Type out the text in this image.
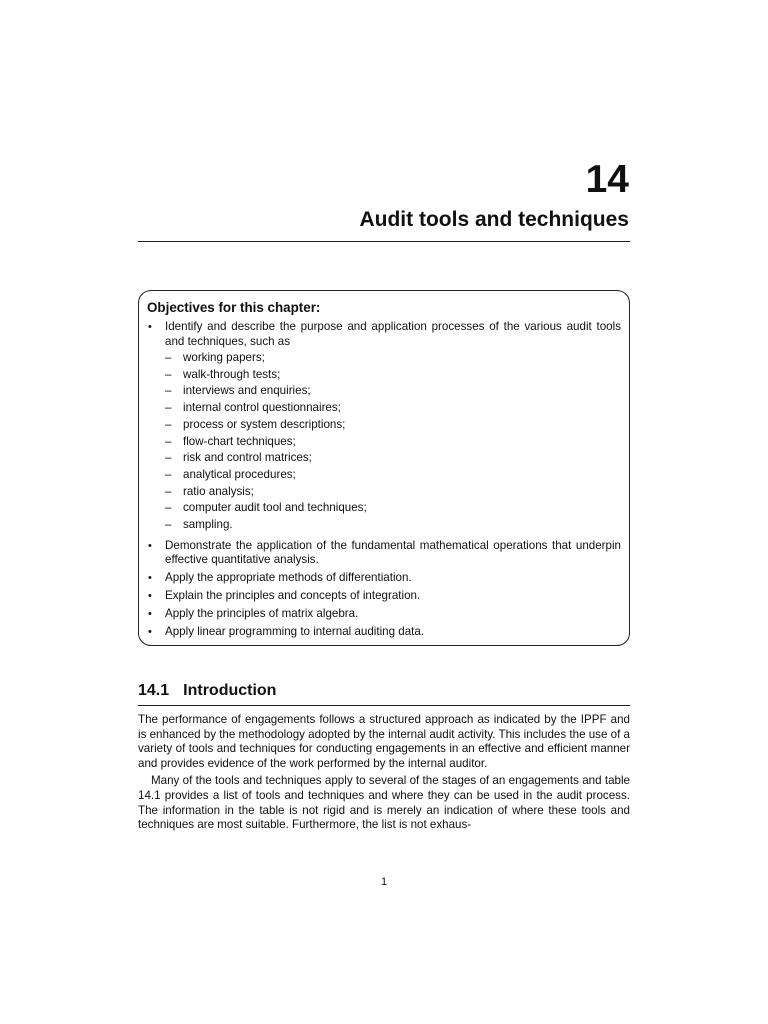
14
Audit tools and techniques
Objectives for this chapter:
• Identify and describe the purpose and application processes of the various audit tools and techniques, such as
– working papers;
– walk-through tests;
– interviews and enquiries;
– internal control questionnaires;
– process or system descriptions;
– flow-chart techniques;
– risk and control matrices;
– analytical procedures;
– ratio analysis;
– computer audit tool and techniques;
– sampling.
• Demonstrate the application of the fundamental mathematical operations that underpin effective quantitative analysis.
• Apply the appropriate methods of differentiation.
• Explain the principles and concepts of integration.
• Apply the principles of matrix algebra.
• Apply linear programming to internal auditing data.
14.1 Introduction

The performance of engagements follows a structured approach as indicated by the IPPF and is enhanced by the methodology adopted by the internal audit activity. This includes the use of a variety of tools and techniques for conducting engagements in an effective and efficient manner and provides evidence of the work performed by the internal auditor.

Many of the tools and techniques apply to several of the stages of an engagements and table 14.1 provides a list of tools and techniques and where they can be used in the audit process. The information in the table is not rigid and is merely an indication of where these tools and techniques are most suitable. Furthermore, the list is not exhaus-

1
